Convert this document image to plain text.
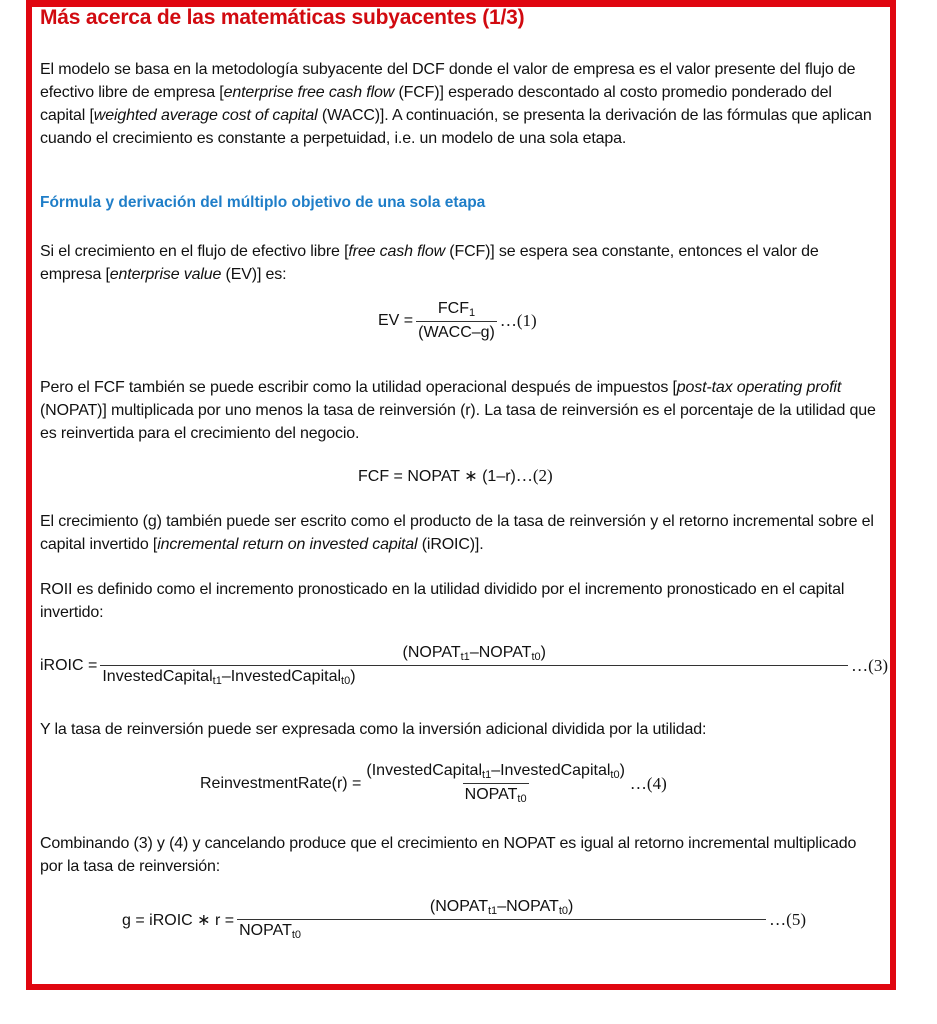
Más acerca de las matemáticas subyacentes (1/3)

El modelo se basa en la metodología subyacente del DCF donde el valor de empresa es el valor presente del flujo de efectivo libre de empresa [enterprise free cash flow (FCF)] esperado descontado al costo promedio ponderado del capital [weighted average cost of capital (WACC)]. A continuación, se presenta la derivación de las fórmulas que aplican cuando el crecimiento es constante a perpetuidad, i.e. un modelo de una sola etapa.

Fórmula y derivación del múltiplo objetivo de una sola etapa

Si el crecimiento en el flujo de efectivo libre [free cash flow (FCF)] se espera sea constante, entonces el valor de empresa [enterprise value (EV)] es:

EV = $\frac{FCF_1}{\text{(WACC–g)}}$ …(1)

Pero el FCF también se puede escribir como la utilidad operacional después de impuestos [post-tax operating profit (NOPAT)] multiplicada por uno menos la tasa de reinversión (r). La tasa de reinversión es el porcentaje de la utilidad que es reinvertida para el crecimiento del negocio.

FCF = NOPAT ∗ (1–r) …(2)

El crecimiento (g) también puede ser escrito como el producto de la tasa de reinversión y el retorno incremental sobre el capital invertido [incremental return on invested capital (iROIC)].

ROII es definido como el incremento pronosticado en la utilidad dividido por el incremento pronosticado en el capital invertido:

iROIC = $\frac{(NOPAT_{t1}-NOPAT_{t0})}{InvestedCapital_{t1}-InvestedCapital_{t0})}$ …(3)

Y la tasa de reinversión puede ser expresada como la inversión adicional dividida por la utilidad:

ReinvestmentRate(r) = $\frac{(InvestedCapital_{t1}-InvestedCapital_{t0})}{NOPAT_{t0}}$ …(4)

Combinando (3) y (4) y cancelando produce que el crecimiento en NOPAT es igual al retorno incremental multiplicado por la tasa de reinversión:

g = iROIC ∗ $r = \frac{(NOPAT_{t1}-NOPAT_{t0})}{NOPAT_{t0}}$ …(5)
